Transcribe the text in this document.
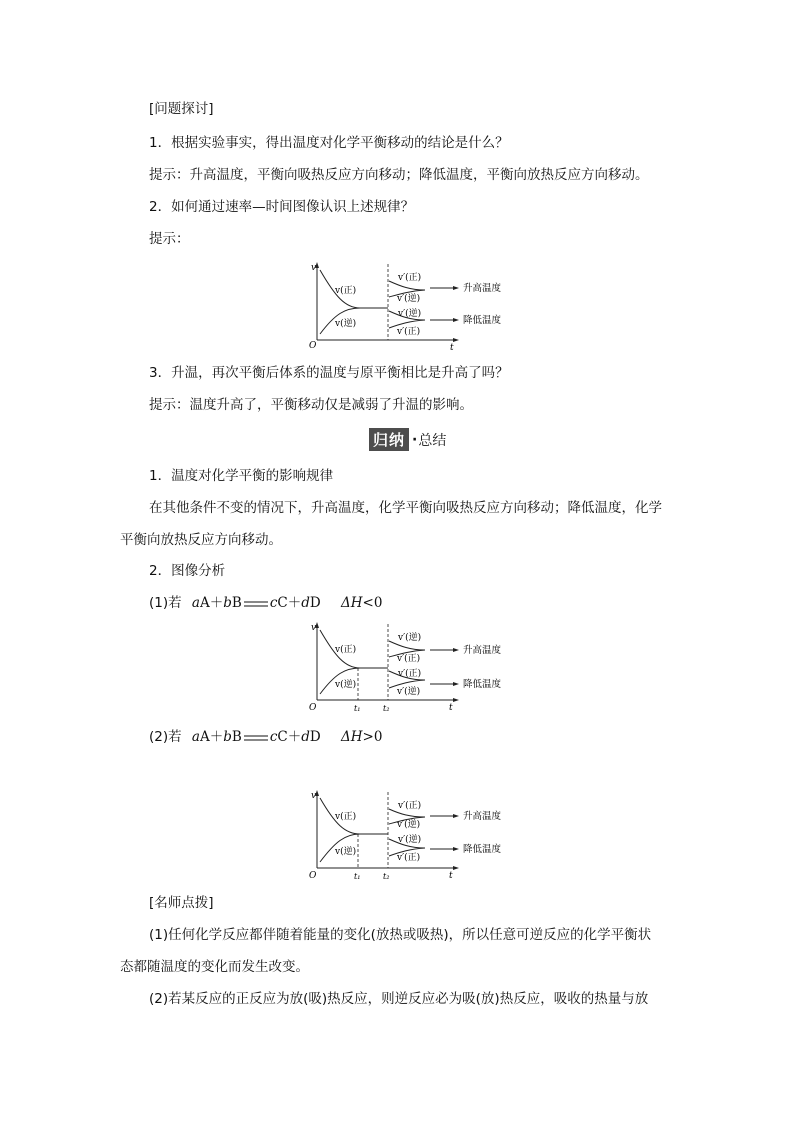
[问题探讨]
1．根据实验事实，得出温度对化学平衡移动的结论是什么？
提示：升高温度，平衡向吸热反应方向移动；降低温度，平衡向放热反应方向移动。
2．如何通过速率—时间图像认识上述规律？
提示：
v
t
O
v(正)
v(逆)
v′(正)
v′(逆)
v′(逆)
v′(正)
升高温度
降低温度
3．升温，再次平衡后体系的温度与原平衡相比是升高了吗？
提示：温度升高了，平衡移动仅是减弱了升温的影响。
归纳 · 总结
1．温度对化学平衡的影响规律
在其他条件不变的情况下，升高温度，化学平衡向吸热反应方向移动；降低温度，化学
平衡向放热反应方向移动。
2．图像分析
(1)若 aA＋bB cC＋dD ΔH<0
v
t
O	t₁	t₂
v(正)
v(逆)
v′(逆)
v′(正)
v′(正)
v′(逆)
升高温度
降低温度
(2)若 aA＋bB cC＋dD ΔH>0
v
t
O	t₁	t₂
v(正)
v(逆)
v′(正)
v′(逆)
v′(逆)
v′(正)
升高温度
降低温度
[名师点拨]
(1)任何化学反应都伴随着能量的变化(放热或吸热)，所以任意可逆反应的化学平衡状
态都随温度的变化而发生改变。
(2)若某反应的正反应为放(吸)热反应，则逆反应必为吸(放)热反应，吸收的热量与放
